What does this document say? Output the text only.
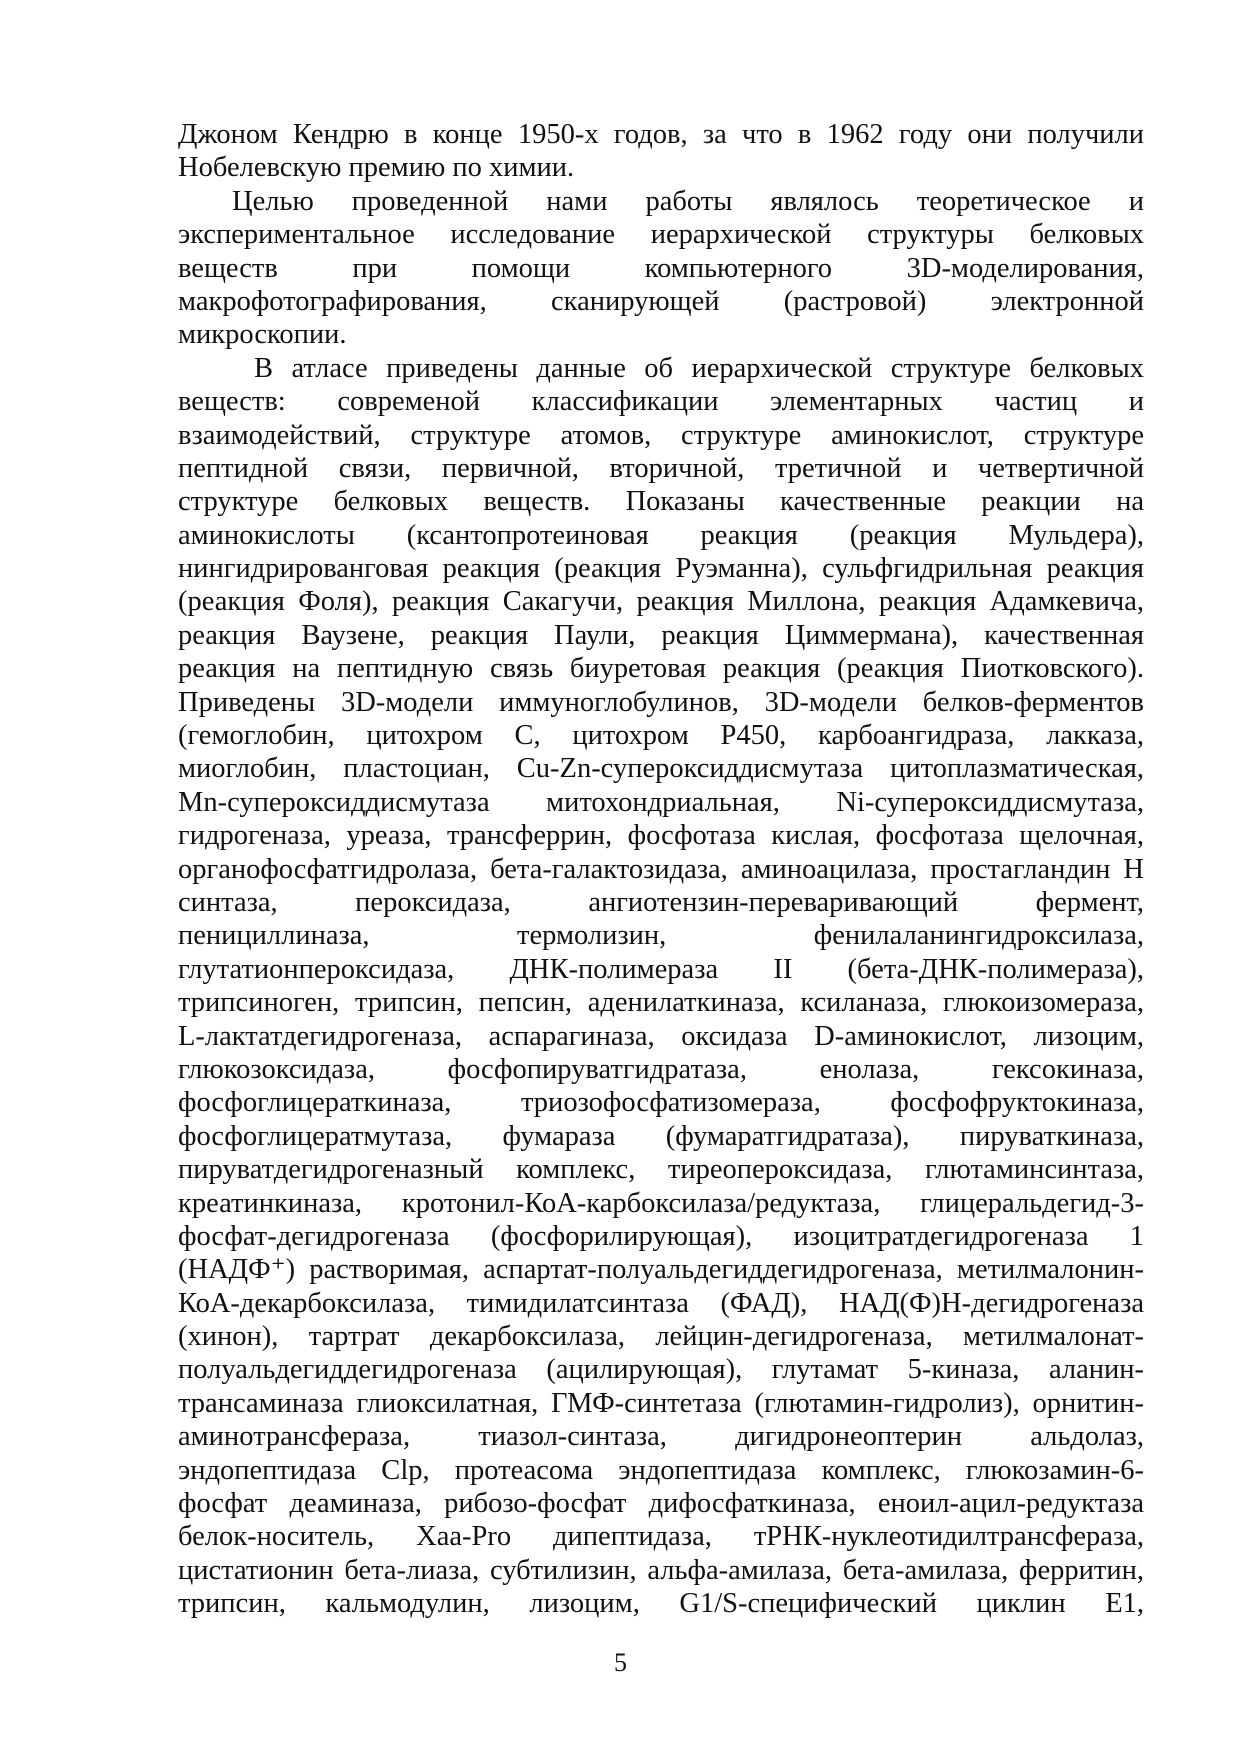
Джоном Кендрю в конце 1950-х годов, за что в 1962 году они получили
Нобелевскую премию по химии.
Целью проведенной нами работы являлось теоретическое и
экспериментальное исследование иерархической структуры белковых
веществ при помощи компьютерного 3D-моделирования,
макрофотографирования, сканирующей (растровой) электронной
микроскопии.
В атласе приведены данные об иерархической структуре белковых
веществ: современой классификации элементарных частиц и
взаимодействий, структуре атомов, структуре аминокислот, структуре
пептидной связи, первичной, вторичной, третичной и четвертичной
структуре белковых веществ. Показаны качественные реакции на
аминокислоты (ксантопротеиновая реакция (реакция Мульдера),
нингидрированговая реакция (реакция Руэманна), сульфгидрильная реакция
(реакция Фоля), реакция Сакагучи, реакция Миллона, реакция Адамкевича,
реакция Ваузене, реакция Паули, реакция Циммермана), качественная
реакция на пептидную связь биуретовая реакция (реакция Пиотковского).
Приведены 3D-модели иммуноглобулинов, 3D-модели белков-ферментов
(гемоглобин, цитохром С, цитохром P450, карбоангидраза, лакказа,
миоглобин, пластоциан, Cu-Zn-супероксиддисмутаза цитоплазматическая,
Mn-супероксиддисмутаза митохондриальная, Ni-супероксиддисмутаза,
гидрогеназа, уреаза, трансферрин, фосфотаза кислая, фосфотаза щелочная,
органофосфатгидролаза, бета-галактозидаза, аминоацилаза, простагландин Н
синтаза, пероксидаза, ангиотензин-переваривающий фермент,
пенициллиназа, термолизин, фенилаланингидроксилаза,
глутатионпероксидаза, ДНК-полимераза II (бета-ДНК-полимераза),
трипсиноген, трипсин, пепсин, аденилаткиназа, ксиланаза, глюкоизомераза,
L-лактатдегидрогеназа, аспарагиназа, оксидаза D-аминокислот, лизоцим,
глюкозоксидаза, фосфопируватгидратаза, енолаза, гексокиназа,
фосфоглицераткиназа, триозофосфатизомераза, фосфофруктокиназа,
фосфоглицератмутаза, фумараза (фумаратгидратаза), пируваткиназа,
пируватдегидрогеназный комплекс, тиреопероксидаза, глютаминсинтаза,
креатинкиназа, кротонил-КоА-карбоксилаза/редуктаза, глицеральдегид-3-
фосфат-дегидрогеназа (фосфорилирующая), изоцитратдегидрогеназа 1
(НАДФ⁺) растворимая, аспартат-полуальдегиддегидрогеназа, метилмалонин-
КоА-декарбоксилаза, тимидилатсинтаза (ФАД), НАД(Ф)Н-дегидрогеназа
(хинон), тартрат декарбоксилаза, лейцин-дегидрогеназа, метилмалонат-
полуальдегиддегидрогеназа (ацилирующая), глутамат 5-киназа, аланин-
трансаминаза глиоксилатная, ГМФ-синтетаза (глютамин-гидролиз), орнитин-
аминотрансфераза, тиазол-синтаза, дигидронеоптерин альдолаз,
эндопептидаза Clp, протеасома эндопептидаза комплекс, глюкозамин-6-
фосфат деаминаза, рибозо-фосфат дифосфаткиназа, еноил-ацил-редуктаза
белок-носитель, Xaa-Pro дипептидаза, тРНК-нуклеотидилтрансфераза,
цистатионин бета-лиаза, субтилизин, альфа-амилаза, бета-амилаза, ферритин,
трипсин, кальмодулин, лизоцим, G1/S-специфический циклин E1,
5
